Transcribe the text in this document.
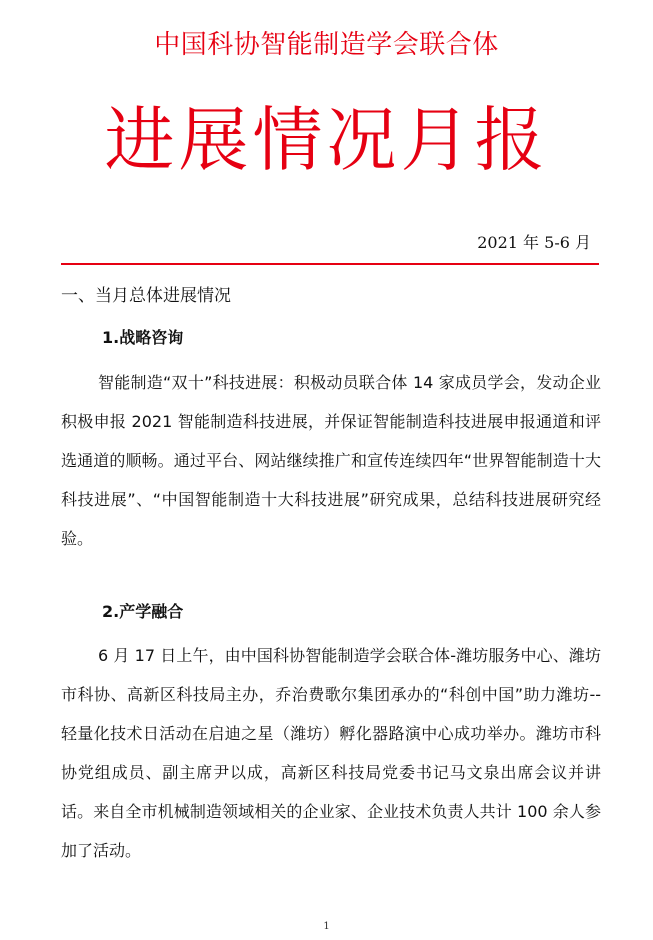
中国科协智能制造学会联合体
进展情况月报
2021 年 5-6 月
一、当月总体进展情况
1.战略咨询

智能制造“双十”科技进展：积极动员联合体 14 家成员学会，发动企业积极申报 2021 智能制造科技进展，并保证智能制造科技进展申报通道和评选通道的顺畅。通过平台、网站继续推广和宣传连续四年“世界智能制造十大科技进展”、“中国智能制造十大科技进展”研究成果，总结科技进展研究经验。

2.产学融合

6 月 17 日上午，由中国科协智能制造学会联合体-潍坊服务中心、潍坊市科协、高新区科技局主办，乔治费歌尔集团承办的“科创中国”助力潍坊--轻量化技术日活动在启迪之星（潍坊）孵化器路演中心成功举办。潍坊市科协党组成员、副主席尹以成，高新区科技局党委书记马文泉出席会议并讲话。来自全市机械制造领域相关的企业家、企业技术负责人共计 100 余人参加了活动。

1
